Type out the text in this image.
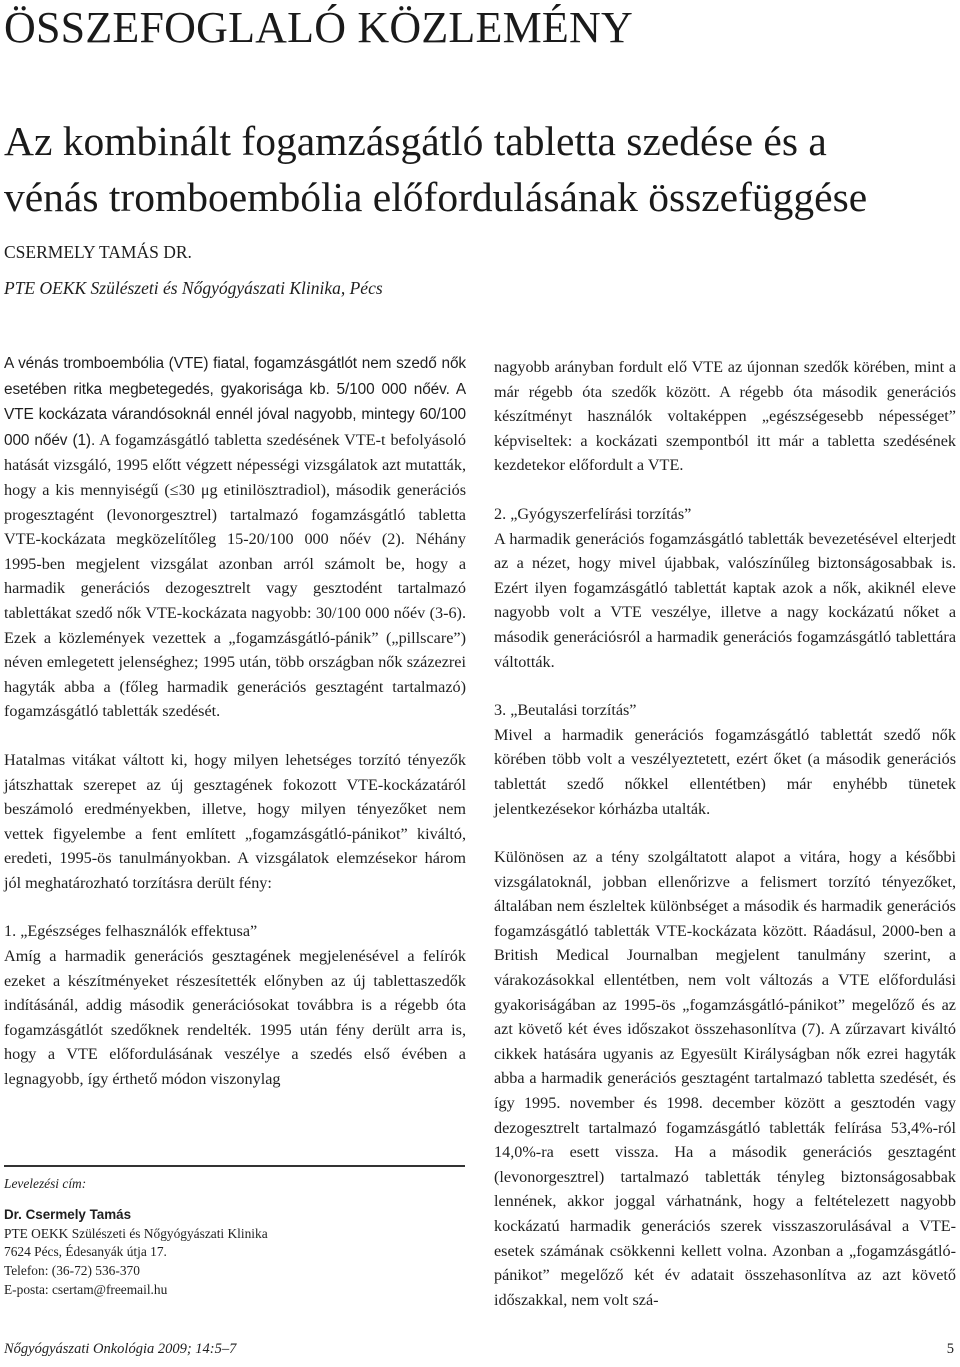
ÖSSZEFOGLALÓ KÖZLEMÉNY
Az kombinált fogamzásgátló tabletta szedése és a
vénás tromboembólia előfordulásának összefüggése
CSERMELY TAMÁS DR.
PTE OEKK Szülészeti és Nőgyógyászati Klinika, Pécs

A vénás tromboembólia (VTE) fiatal, fogamzásgátlót nem szedő nők esetében ritka megbetegedés, gyakorisága kb. 5/100 000 nőév. A VTE kockázata várandósoknál ennél jóval nagyobb, mintegy 60/100 000 nőév (1). A fogamzásgátló tabletta szedésének VTE-t befolyásoló hatását vizsgáló, 1995 előtt végzett népességi vizsgálatok azt mutatták, hogy a kis mennyiségű (≤30 μg etinilösztradiol), második generációs progesztagént (levonorgesztrel) tartalmazó fogamzásgátló tabletta VTE-kockázata megközelítőleg 15-20/100 000 nőév (2). Néhány 1995-ben megjelent vizsgálat azonban arról számolt be, hogy a harmadik generációs dezogesztrelt vagy gesztodént tartalmazó tablettákat szedő nők VTE-kockázata nagyobb: 30/100 000 nőév (3-6). Ezek a közlemények vezettek a „fogamzásgátló-pánik” („pillscare”) néven emlegetett jelenséghez; 1995 után, több országban nők százezrei hagyták abba a (főleg harmadik generációs gesztagént tartalmazó) fogamzásgátló tabletták szedését.

Hatalmas vitákat váltott ki, hogy milyen lehetséges torzító tényezők játszhattak szerepet az új gesztagének fokozott VTE-kockázatáról beszámoló eredményekben, illetve, hogy milyen tényezőket nem vettek figyelembe a fent említett „fogamzásgátló-pánikot” kiváltó, eredeti, 1995-ös tanulmányokban. A vizsgálatok elemzésekor három jól meghatározható torzításra derült fény:

1. „Egészséges felhasználók effektusa”

Amíg a harmadik generációs gesztagének megjelenésével a felírók ezeket a készítményeket részesítették előnyben az új tablettaszedők indításánál, addig második generációsokat továbbra is a régebb óta fogamzásgátlót szedőknek rendelték. 1995 után fény derült arra is, hogy a VTE előfordulásának veszélye a szedés első évében a legnagyobb, így érthető módon viszonylag

Levelezési cím:
Dr. Csermely Tamás
PTE OEKK Szülészeti és Nőgyógyászati Klinika
7624 Pécs, Édesanyák útja 17.
Telefon: (36-72) 536-370
E-posta: csertam@freemail.hu

nagyobb arányban fordult elő VTE az újonnan szedők körében, mint a már régebb óta szedők között. A régebb óta második generációs készítményt használók voltaképpen „egészségesebb népességet” képviseltek: a kockázati szempontból itt már a tabletta szedésének kezdetekor előfordult a VTE.

2. „Gyógyszerfelírási torzítás”

A harmadik generációs fogamzásgátló tabletták bevezetésével elterjedt az a nézet, hogy mivel újabbak, valószínűleg biztonságosabbak is. Ezért ilyen fogamzásgátló tablettát kaptak azok a nők, akiknél eleve nagyobb volt a VTE veszélye, illetve a nagy kockázatú nőket a második generációsról a harmadik generációs fogamzásgátló tablettára váltották.

3. „Beutalási torzítás”

Mivel a harmadik generációs fogamzásgátló tablettát szedő nők körében több volt a veszélyeztetett, ezért őket (a második generációs tablettát szedő nőkkel ellentétben) már enyhébb tünetek jelentkezésekor kórházba utalták.

Különösen az a tény szolgáltatott alapot a vitára, hogy a későbbi vizsgálatoknál, jobban ellenőrizve a felismert torzító tényezőket, általában nem észleltek különbséget a második és harmadik generációs fogamzásgátló tabletták VTE-kockázata között. Ráadásul, 2000-ben a British Medical Journalban megjelent tanulmány szerint, a várakozásokkal ellentétben, nem volt változás a VTE előfordulási gyakoriságában az 1995-ös „fogamzásgátló-pánikot” megelőző és az azt követő két éves időszakot összehasonlítva (7). A zűrzavart kiváltó cikkek hatására ugyanis az Egyesült Királyságban nők ezrei hagyták abba a harmadik generációs gesztagént tartalmazó tabletta szedését, és így 1995. november és 1998. december között a gesztodén vagy dezogesztrelt tartalmazó fogamzásgátló tabletták felírása 53,4%-ról 14,0%-ra esett vissza. Ha a második generációs gesztagént (levonorgesztrel) tartalmazó tabletták tényleg biztonságosabbak lennének, akkor joggal várhatnánk, hogy a feltételezett nagyobb kockázatú harmadik generációs szerek visszaszorulásával a VTE-esetek számának csökkenni kellett volna. Azonban a „fogamzásgátló-pánikot” megelőző két év adatait összehasonlítva az azt követő időszakkal, nem volt szá-

Nőgyógyászati Onkológia 2009; 14:5–7	5
